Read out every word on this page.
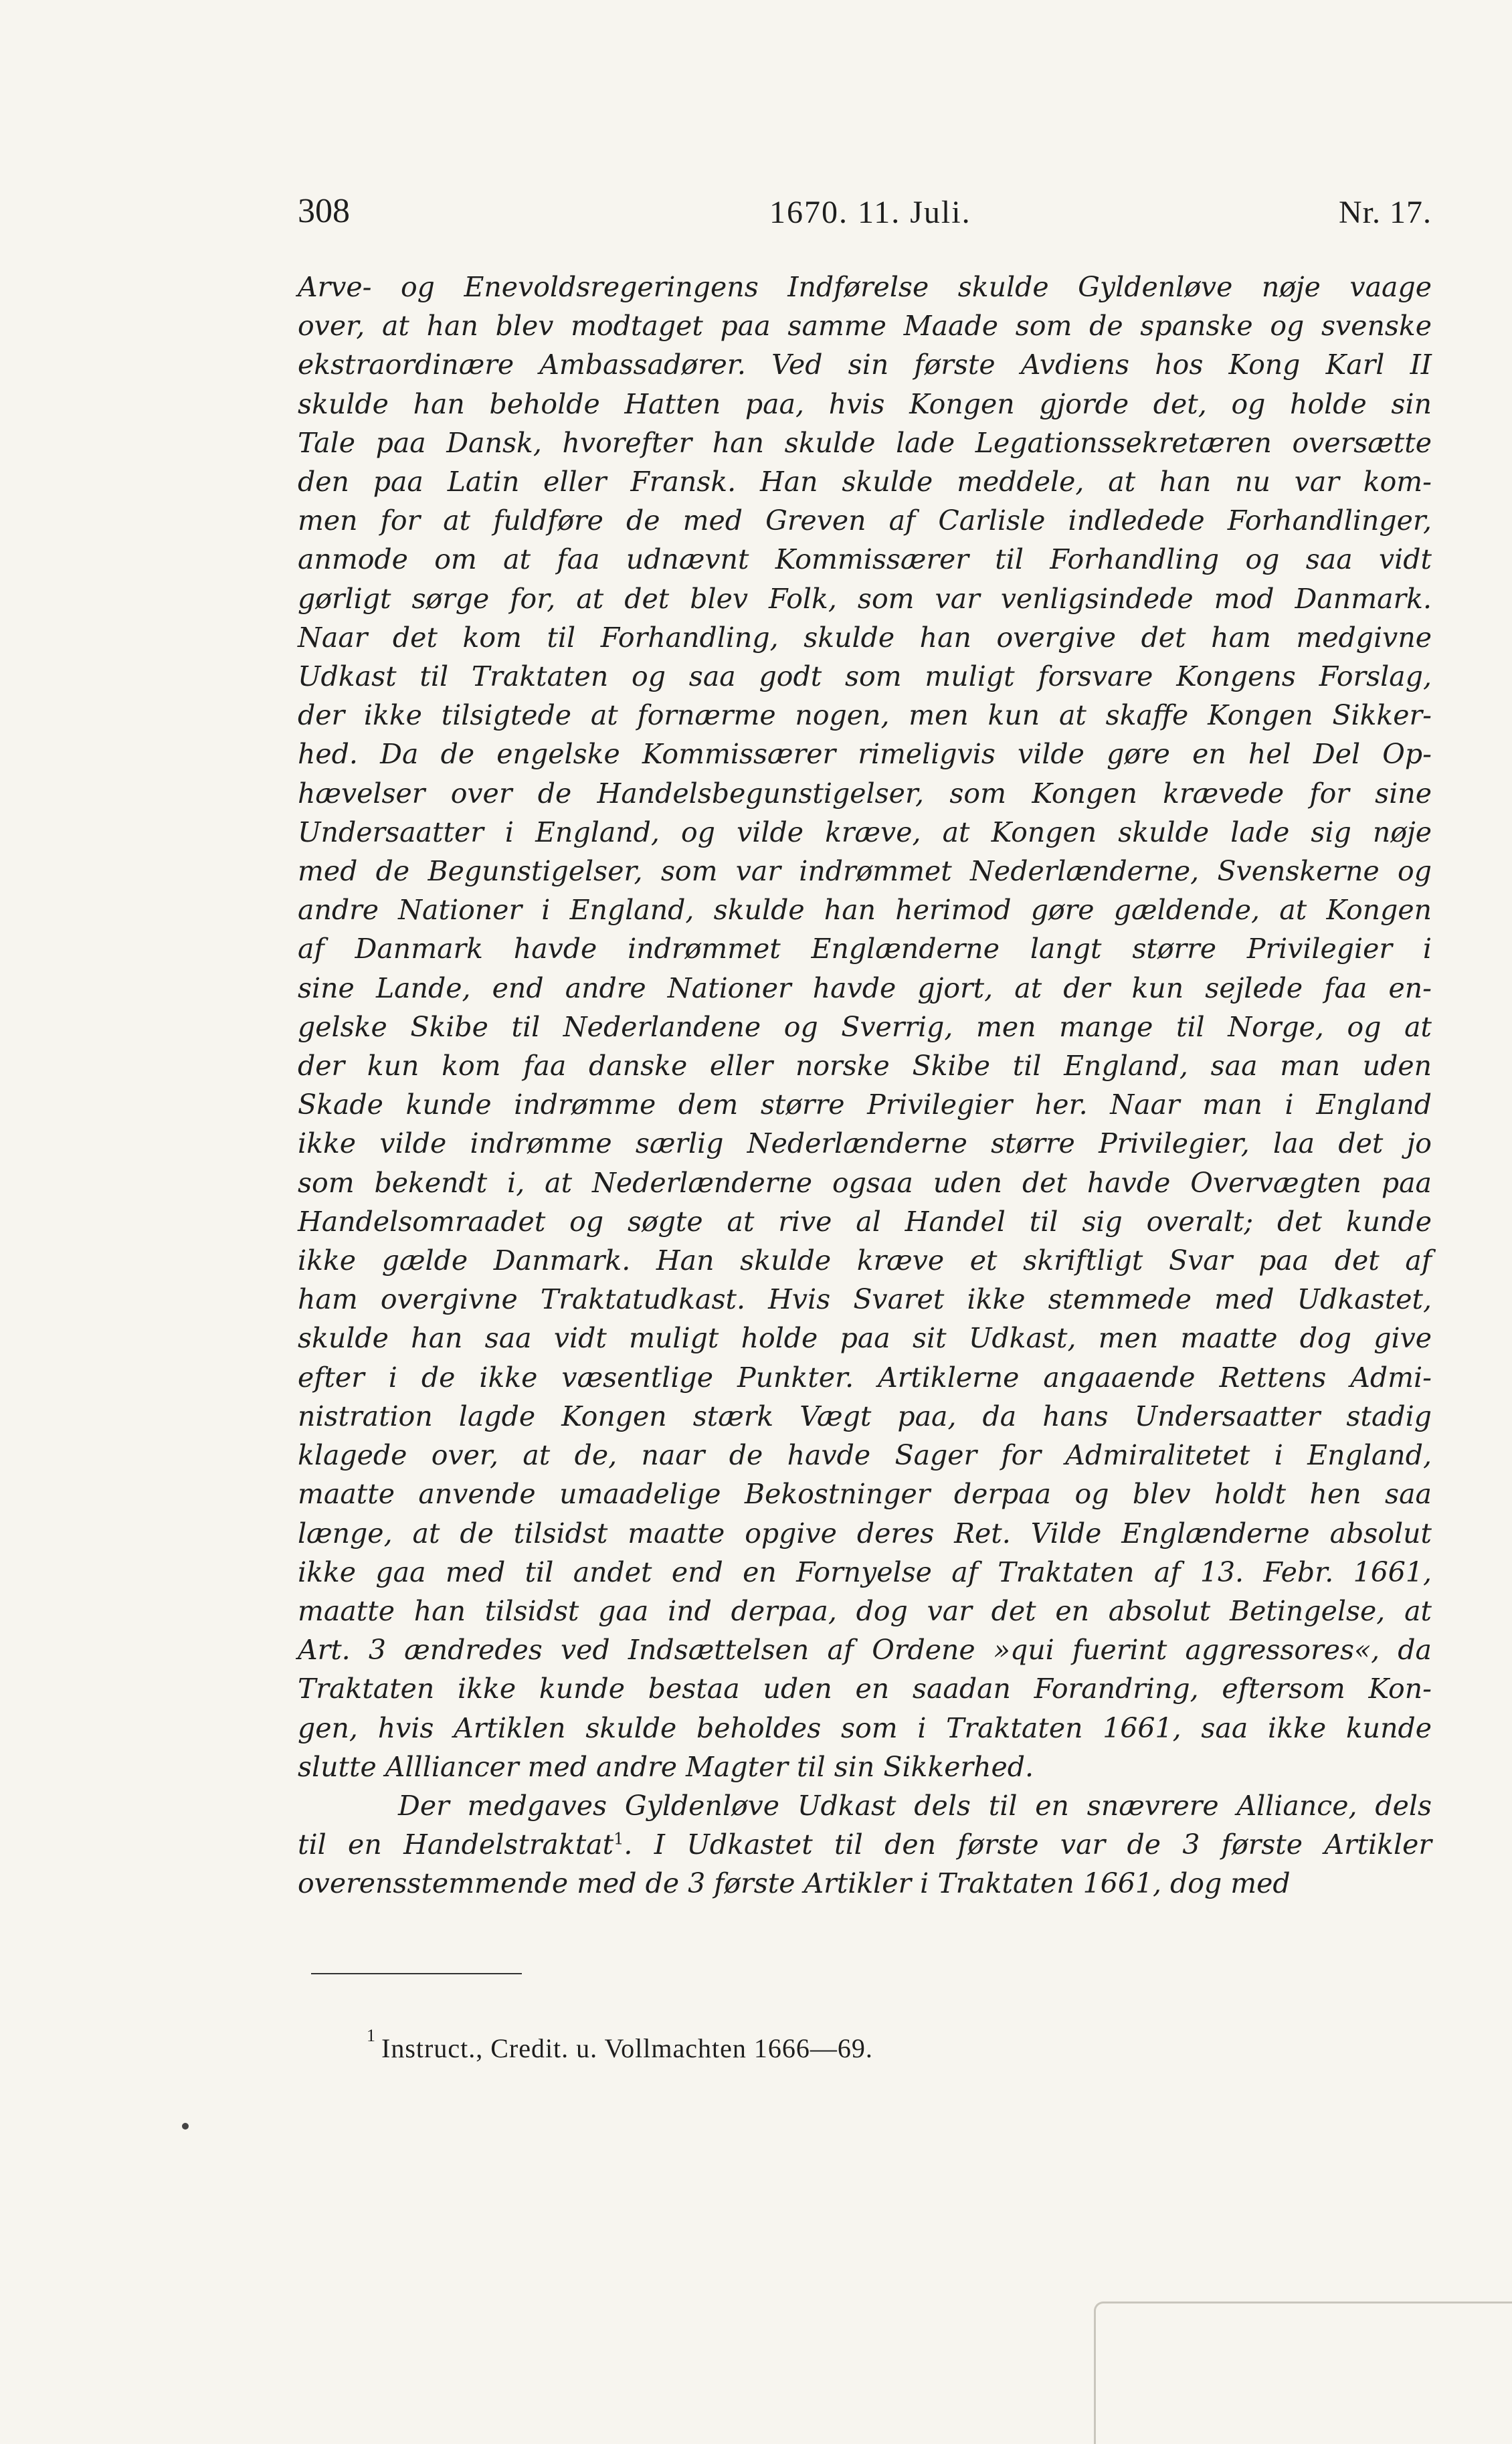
308	1670. 11. Juli.	Nr. 17.
Arve- og Enevoldsregeringens Indførelse skulde Gyldenløve nøje vaage
over, at han blev modtaget paa samme Maade som de spanske og svenske
ekstraordinære Ambassadører. Ved sin første Avdiens hos Kong Karl II
skulde han beholde Hatten paa, hvis Kongen gjorde det, og holde sin
Tale paa Dansk, hvorefter han skulde lade Legationssekretæren oversætte
den paa Latin eller Fransk. Han skulde meddele, at han nu var kom-
men for at fuldføre de med Greven af Carlisle indledede Forhandlinger,
anmode om at faa udnævnt Kommissærer til Forhandling og saa vidt
gørligt sørge for, at det blev Folk, som var venligsindede mod Danmark.
Naar det kom til Forhandling, skulde han overgive det ham medgivne
Udkast til Traktaten og saa godt som muligt forsvare Kongens Forslag,
der ikke tilsigtede at fornærme nogen, men kun at skaffe Kongen Sikker-
hed. Da de engelske Kommissærer rimeligvis vilde gøre en hel Del Op-
hævelser over de Handelsbegunstigelser, som Kongen krævede for sine
Undersaatter i England, og vilde kræve, at Kongen skulde lade sig nøje
med de Begunstigelser, som var indrømmet Nederlænderne, Svenskerne og
andre Nationer i England, skulde han herimod gøre gældende, at Kongen
af Danmark havde indrømmet Englænderne langt større Privilegier i
sine Lande, end andre Nationer havde gjort, at der kun sejlede faa en-
gelske Skibe til Nederlandene og Sverrig, men mange til Norge, og at
der kun kom faa danske eller norske Skibe til England, saa man uden
Skade kunde indrømme dem større Privilegier her. Naar man i England
ikke vilde indrømme særlig Nederlænderne større Privilegier, laa det jo
som bekendt i, at Nederlænderne ogsaa uden det havde Overvægten paa
Handelsomraadet og søgte at rive al Handel til sig overalt; det kunde
ikke gælde Danmark. Han skulde kræve et skriftligt Svar paa det af
ham overgivne Traktatudkast. Hvis Svaret ikke stemmede med Udkastet,
skulde han saa vidt muligt holde paa sit Udkast, men maatte dog give
efter i de ikke væsentlige Punkter. Artiklerne angaaende Rettens Admi-
nistration lagde Kongen stærk Vægt paa, da hans Undersaatter stadig
klagede over, at de, naar de havde Sager for Admiralitetet i England,
maatte anvende umaadelige Bekostninger derpaa og blev holdt hen saa
længe, at de tilsidst maatte opgive deres Ret. Vilde Englænderne absolut
ikke gaa med til andet end en Fornyelse af Traktaten af 13. Febr. 1661,
maatte han tilsidst gaa ind derpaa, dog var det en absolut Betingelse, at
Art. 3 ændredes ved Indsættelsen af Ordene »qui fuerint aggressores«, da
Traktaten ikke kunde bestaa uden en saadan Forandring, eftersom Kon-
gen, hvis Artiklen skulde beholdes som i Traktaten 1661, saa ikke kunde
slutte Allliancer med andre Magter til sin Sikkerhed.
Der medgaves Gyldenløve Udkast dels til en snævrere Alliance, dels
til en Handelstraktat$^1$. I Udkastet til den første var de 3 første Artikler
overensstemmende med de 3 første Artikler i Traktaten 1661, dog med
1 Instruct., Credit. u. Vollmachten 1666—69.
